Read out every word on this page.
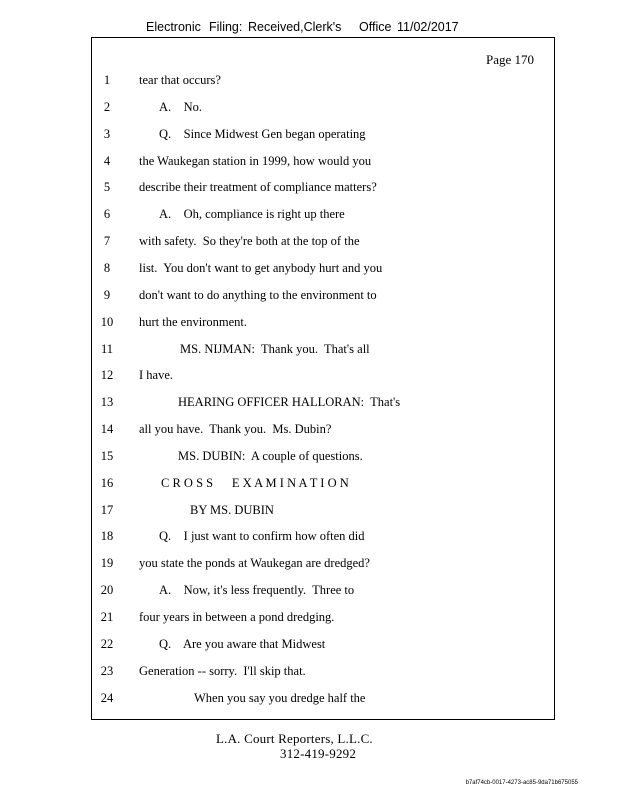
Electronic Filing: Received,Clerk's Office 11/02/2017
Page 170
1	tear that occurs?
2	A.    No.
3	Q.    Since Midwest Gen began operating
4	the Waukegan station in 1999, how would you
5	describe their treatment of compliance matters?
6	A.    Oh, compliance is right up there
7	with safety.  So they're both at the top of the
8	list.  You don't want to get anybody hurt and you
9	don't want to do anything to the environment to
10	hurt the environment.
11	MS. NIJMAN:  Thank you.  That's all
12	I have.
13	HEARING OFFICER HALLORAN:  That's
14	all you have.  Thank you.  Ms. Dubin?
15	MS. DUBIN:  A couple of questions.
16	C R O S S      E X A M I N A T I O N
17	BY MS. DUBIN
18	Q.    I just want to confirm how often did
19	you state the ponds at Waukegan are dredged?
20	A.    Now, it's less frequently.  Three to
21	four years in between a pond dredging.
22	Q.    Are you aware that Midwest
23	Generation -- sorry.  I'll skip that.
24	When you say you dredge half the
L.A. Court Reporters, L.L.C.
312-419-9292
b7af74cb-0017-4273-ac85-9da71b675055
